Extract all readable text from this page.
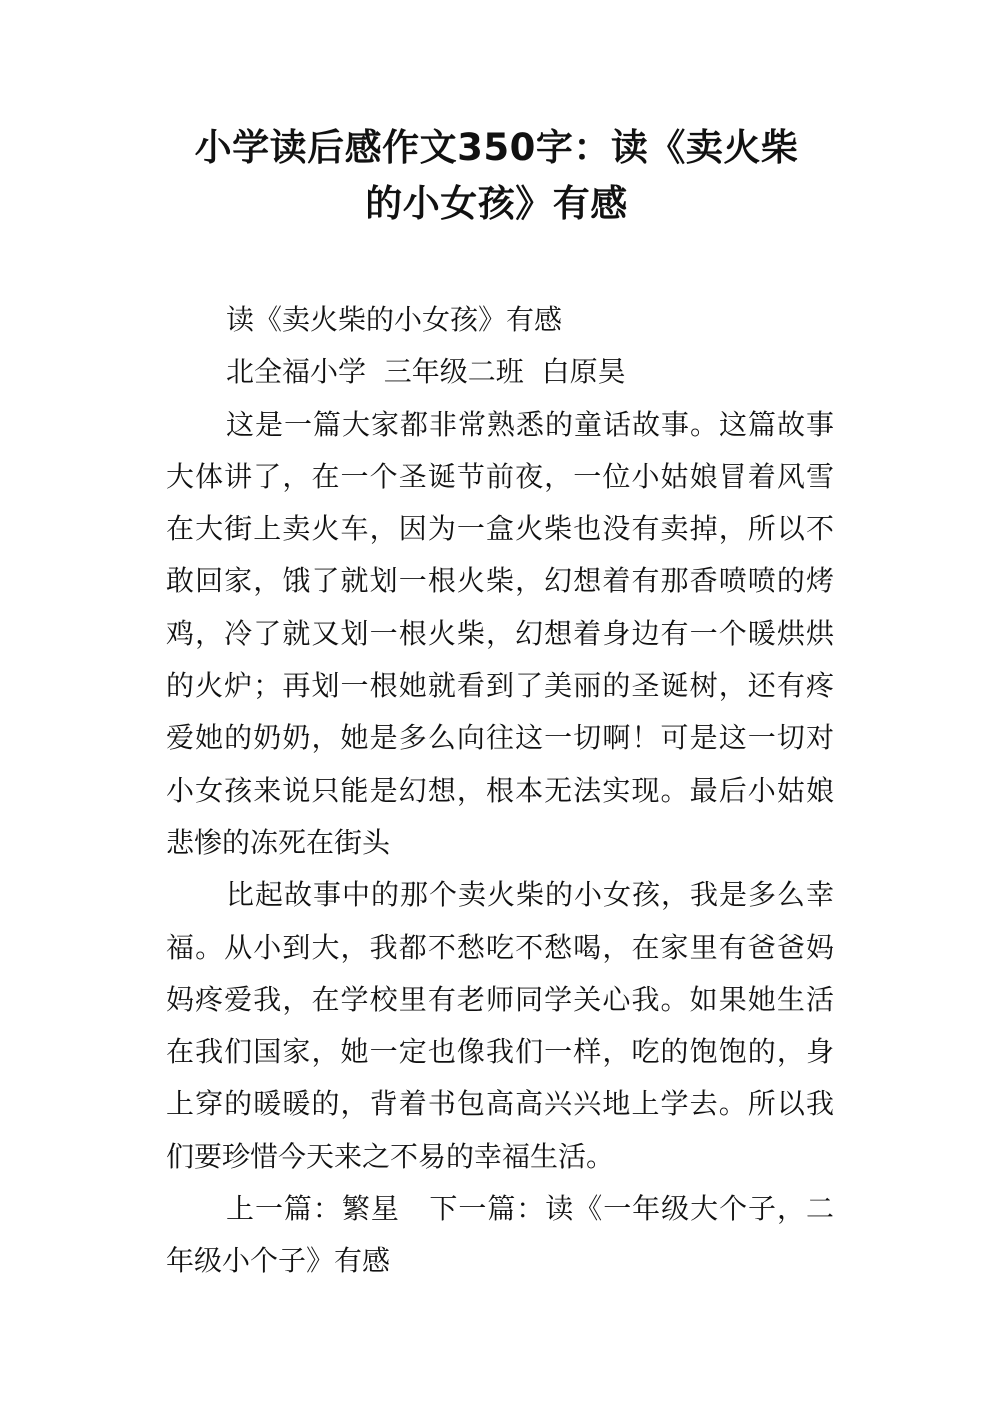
小学读后感作文350字：读《卖火柴
的小女孩》有感

读《卖火柴的小女孩》有感

北全福小学  三年级二班  白原昊

这是一篇大家都非常熟悉的童话故事。这篇故事大体讲了，在一个圣诞节前夜，一位小姑娘冒着风雪在大街上卖火车，因为一盒火柴也没有卖掉，所以不敢回家，饿了就划一根火柴，幻想着有那香喷喷的烤鸡，冷了就又划一根火柴，幻想着身边有一个暖烘烘的火炉；再划一根她就看到了美丽的圣诞树，还有疼爱她的奶奶，她是多么向往这一切啊！可是这一切对小女孩来说只能是幻想，根本无法实现。最后小姑娘悲惨的冻死在街头

比起故事中的那个卖火柴的小女孩，我是多么幸福。从小到大，我都不愁吃不愁喝，在家里有爸爸妈妈疼爱我，在学校里有老师同学关心我。如果她生活在我们国家，她一定也像我们一样，吃的饱饱的，身上穿的暖暖的，背着书包高高兴兴地上学去。所以我们要珍惜今天来之不易的幸福生活。

上一篇：繁星   下一篇：读《一年级大个子，二年级小个子》有感
